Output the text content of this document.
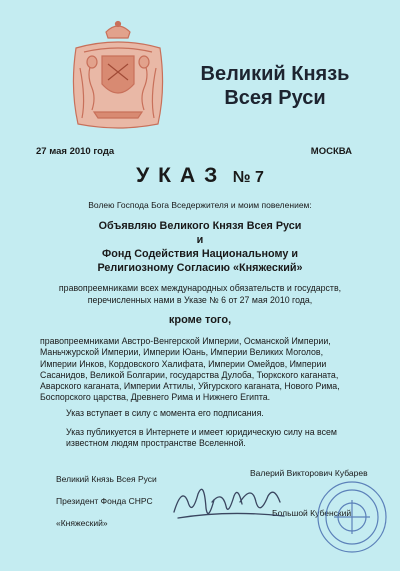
Великий Князь
Всея Руси
27 мая 2010 года	МОСКВА
УКАЗ № 7
Волею Господа Бога Вседержителя и моим повелением:
Объявляю Великого Князя Всея Руси
и
Фонд Содействия Национальному и
Религиозному Согласию «Княжеский»
правопреемниками всех международных обязательств и государств,
перечисленных нами в Указе № 6 от 27 мая 2010 года,
кроме того,
правопреемниками Австро-Венгерской Империи, Османской Империи,
Маньчжурской Империи, Империи Юань, Империи Великих Моголов,
Империи Инков, Кордовского Халифата, Империи Омейдов, Империи
Сасанидов, Великой Болгарии, государства Дулоба, Тюркского каганата,
Аварского каганата, Империи Аттилы, Уйгурского каганата, Нового Рима,
Боспорского царства, Древнего Рима и Нижнего Египта.
Указ вступает в силу с момента его подписания.
Указ публикуется в Интернете и имеет юридическую силу на всем
известном людям пространстве Вселенной.
Великий Князь Всея Руси
Президент Фонда СНРС
«Княжеский»
Валерий Викторович Кубарев
Большой Кубенский
